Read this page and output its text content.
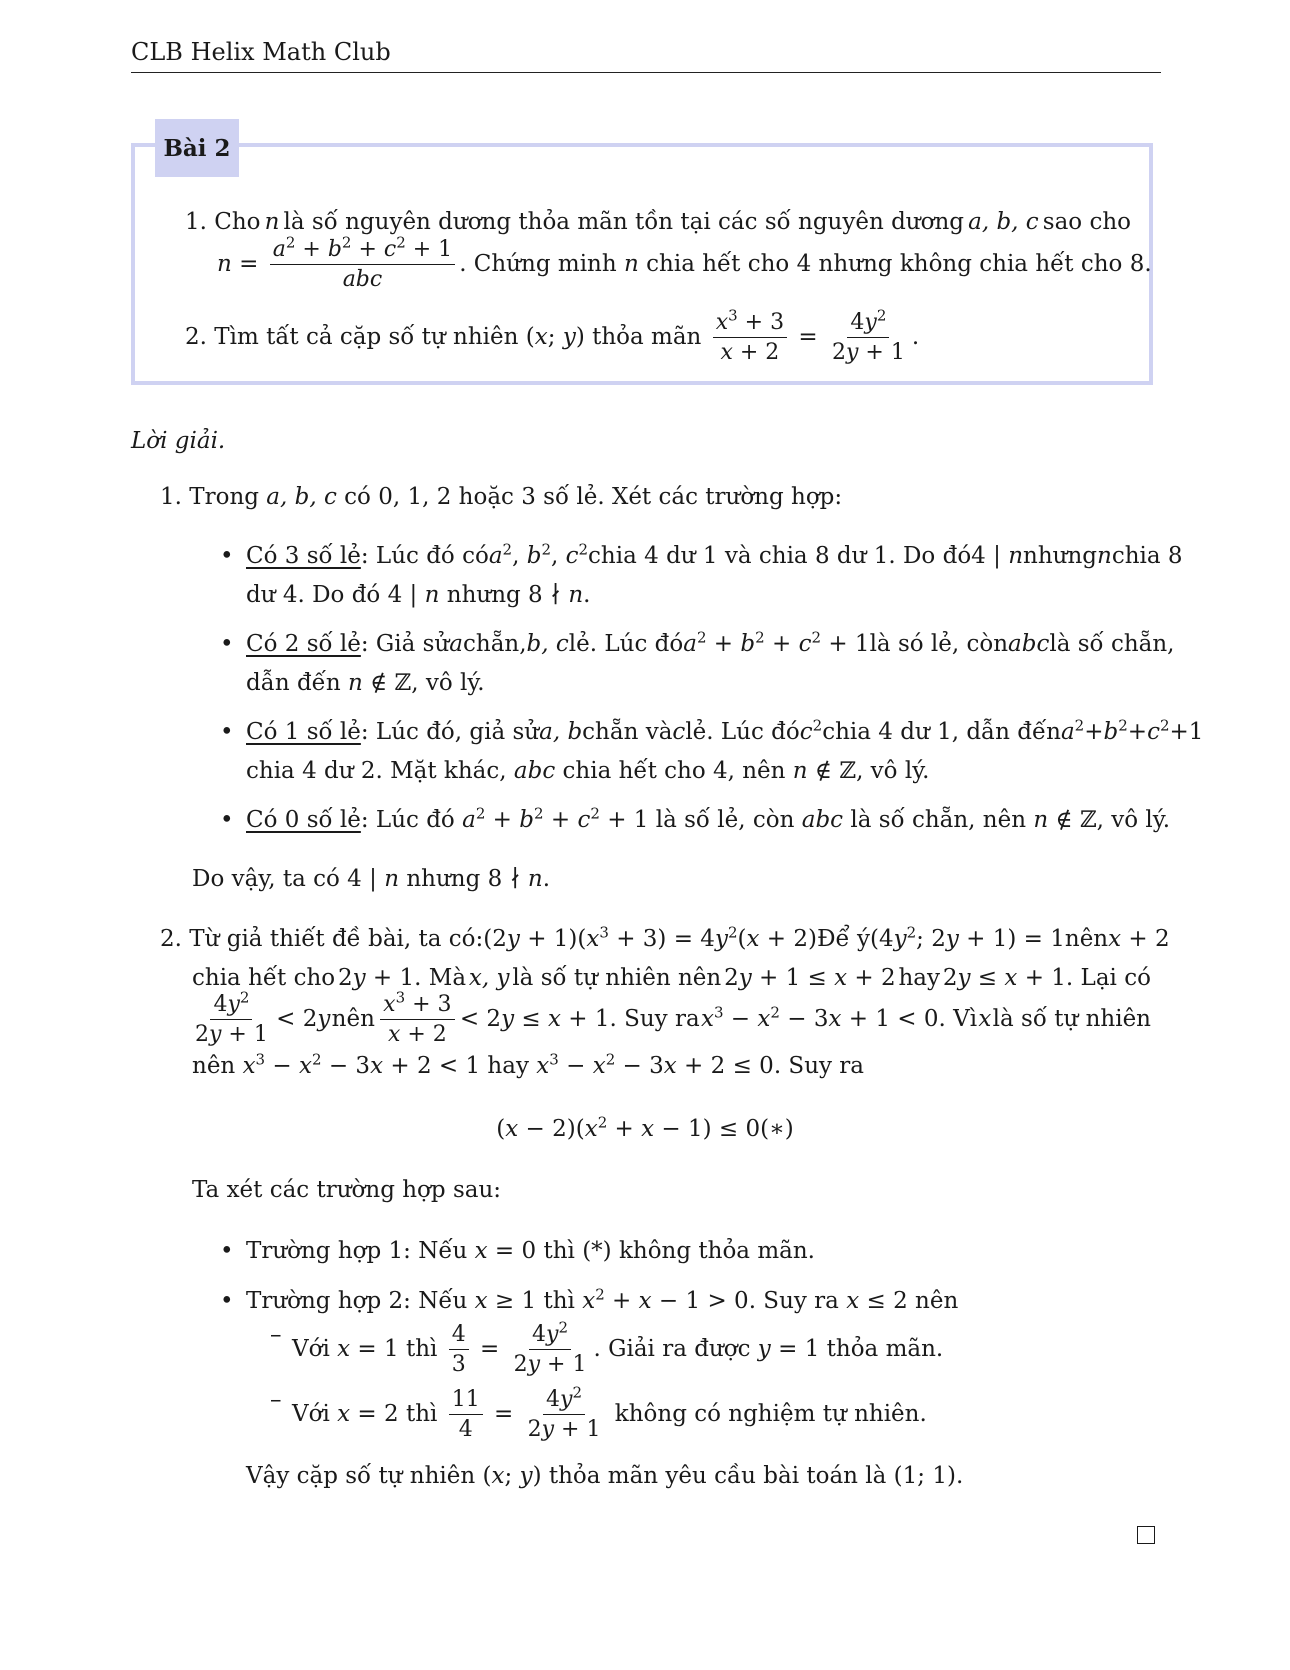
CLB Helix Math Club
Bài 2
1. Cho n là số nguyên dương thỏa mãn tồn tại các số nguyên dương a, b, c sao cho
$n = \frac{a^2 + b^2 + c^2 + 1}{\text{abc}}$ . Chứng minh n chia hết cho 4 nhưng không chia hết cho 8.
2. Tìm tất cả cặp số tự nhiên (x; y) thỏa mãn $\frac{x^3 + 3}{x + 2} = \frac{4y^2}{2y + 1}$ .
Lời giải.
1. Trong a, b, c có 0, 1, 2 hoặc 3 số lẻ. Xét các trường hợp:
• Có 3 số lẻ: Lúc đó có $a^2$, $b^2$, $c^2$ chia 4 dư 1 và chia 8 dư 1. Do đó 4 | n nhưng n chia 8
dư 4. Do đó 4 | n nhưng 8 ∤ n.
• Có 2 số lẻ: Giả sử a chẵn, b, c lẻ. Lúc đó $a^2 + b^2 + c^2 + 1$ là só lẻ, còn abc là số chẵn,
dẫn đến n ∉ ℤ, vô lý.
• Có 1 số lẻ: Lúc đó, giả sử a, b chẵn và c lẻ. Lúc đó $c^2$ chia 4 dư 1, dẫn đến $a^2+b^2+c^2+1$
chia 4 dư 2. Mặt khác, abc chia hết cho 4, nên n ∉ ℤ, vô lý.
• Có 0 số lẻ: Lúc đó $a^2 + b^2 + c^2 + 1$ là số lẻ, còn abc là số chẵn, nên n ∉ ℤ, vô lý.
Do vậy, ta có 4 | n nhưng 8 ∤ n.
2. Từ giả thiết đề bài, ta có: $(2y + 1)(x^3 + 3) = 4y^2(x + 2)$ Để ý ($4y^2$; 2y + 1) = 1 nên x + 2
chia hết cho 2y + 1. Mà x, y là số tự nhiên nên 2y + 1 ≤ x + 2 hay 2y ≤ x + 1. Lại có
$\frac{4y^2}{2y + 1} < 2y$ nên $\frac{x^3 + 3}{x + 2} < 2y \le x + 1$. Suy ra $x^3 - x^2 - 3x + 1 < 0$. Vì x là số tự nhiên
nên $x^3 - x^2 - 3x + 2 < 1$ hay $x^3 - x^2 - 3x + 2 \le 0$. Suy ra
$(x - 2)(x^2 + x - 1)$ ≤ 0(∗)
Ta xét các trường hợp sau:
• Trường hợp 1: Nếu x = 0 thì (*) không thỏa mãn.
• Trường hợp 2: Nếu x ≥ 1 thì $x^2 + x - 1 > 0$. Suy ra x ≤ 2 nên
–
Với x = 1 thì $\frac{4}{3} = \frac{4y^2}{2y + 1}$ . Giải ra được y = 1 thỏa mãn.
–
Với x = 2 thì $\frac{11}{4} = \frac{4y^2}{2y + 1}$ không có nghiệm tự nhiên.
Vậy cặp số tự nhiên (x; y) thỏa mãn yêu cầu bài toán là (1; 1).
